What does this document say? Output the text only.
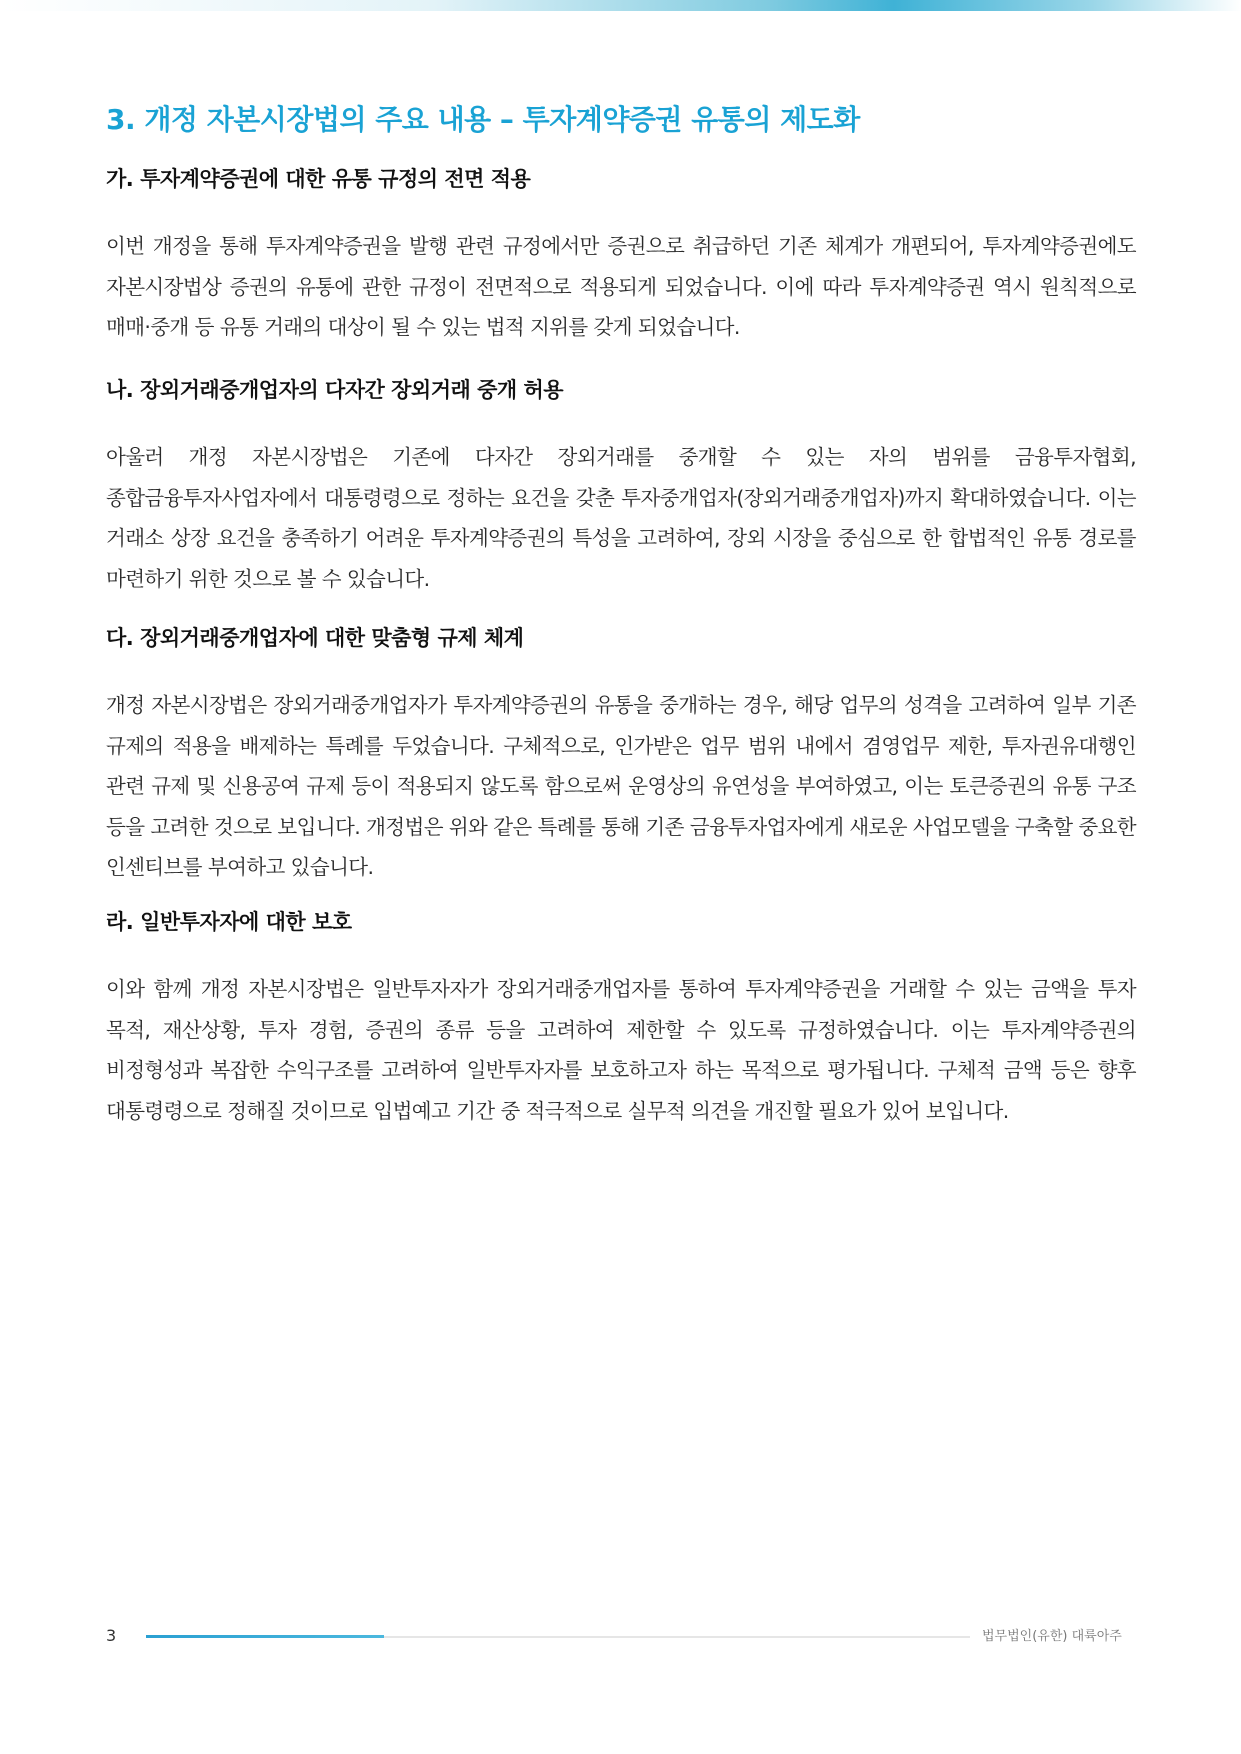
3. 개정 자본시장법의 주요 내용 – 투자계약증권 유통의 제도화
가. 투자계약증권에 대한 유통 규정의 전면 적용

이번 개정을 통해 투자계약증권을 발행 관련 규정에서만 증권으로 취급하던 기존 체계가 개편되어, 투자계약증권에도 자본시장법상 증권의 유통에 관한 규정이 전면적으로 적용되게 되었습니다. 이에 따라 투자계약증권 역시 원칙적으로 매매·중개 등 유통 거래의 대상이 될 수 있는 법적 지위를 갖게 되었습니다.

나. 장외거래중개업자의 다자간 장외거래 중개 허용

아울러 개정 자본시장법은 기존에 다자간 장외거래를 중개할 수 있는 자의 범위를 금융투자협회, 종합금융투자사업자에서 대통령령으로 정하는 요건을 갖춘 투자중개업자(장외거래중개업자)까지 확대하였습니다. 이는 거래소 상장 요건을 충족하기 어려운 투자계약증권의 특성을 고려하여, 장외 시장을 중심으로 한 합법적인 유통 경로를 마련하기 위한 것으로 볼 수 있습니다.

다. 장외거래중개업자에 대한 맞춤형 규제 체계

개정 자본시장법은 장외거래중개업자가 투자계약증권의 유통을 중개하는 경우, 해당 업무의 성격을 고려하여 일부 기존 규제의 적용을 배제하는 특례를 두었습니다. 구체적으로, 인가받은 업무 범위 내에서 겸영업무 제한, 투자권유대행인 관련 규제 및 신용공여 규제 등이 적용되지 않도록 함으로써 운영상의 유연성을 부여하였고, 이는 토큰증권의 유통 구조 등을 고려한 것으로 보입니다. 개정법은 위와 같은 특례를 통해 기존 금융투자업자에게 새로운 사업모델을 구축할 중요한 인센티브를 부여하고 있습니다.

라. 일반투자자에 대한 보호

이와 함께 개정 자본시장법은 일반투자자가 장외거래중개업자를 통하여 투자계약증권을 거래할 수 있는 금액을 투자 목적, 재산상황, 투자 경험, 증권의 종류 등을 고려하여 제한할 수 있도록 규정하였습니다. 이는 투자계약증권의 비정형성과 복잡한 수익구조를 고려하여 일반투자자를 보호하고자 하는 목적으로 평가됩니다. 구체적 금액 등은 향후 대통령령으로 정해질 것이므로 입법예고 기간 중 적극적으로 실무적 의견을 개진할 필요가 있어 보입니다.

3	법무법인(유한) 대륙아주
